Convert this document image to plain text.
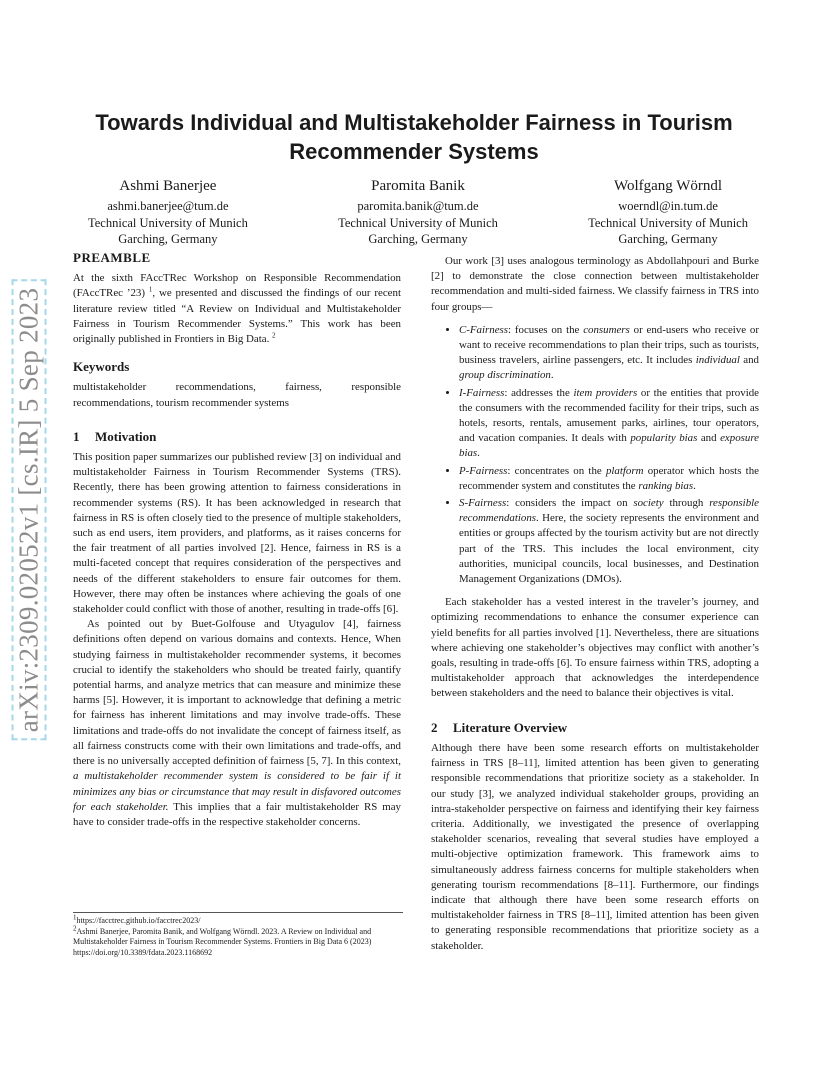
arXiv:2309.02052v1 [cs.IR] 5 Sep 2023
Towards Individual and Multistakeholder Fairness in Tourism Recommender Systems
Ashmi Banerjee
ashmi.banerjee@tum.de
Technical University of Munich
Garching, Germany
Paromita Banik
paromita.banik@tum.de
Technical University of Munich
Garching, Germany
Wolfgang Wörndl
woerndl@in.tum.de
Technical University of Munich
Garching, Germany
PREAMBLE

At the sixth FAccTRec Workshop on Responsible Recommendation (FAccTRec ’23) $^1$, we presented and discussed the findings of our recent literature review titled “A Review on Individual and Multistakeholder Fairness in Tourism Recommender Systems.” This work has been originally published in Frontiers in Big Data. $^2$

Keywords

multistakeholder recommendations, fairness, responsible recommendations, tourism recommender systems

1 Motivation

This position paper summarizes our published review [3] on individual and multistakeholder Fairness in Tourism Recommender Systems (TRS). Recently, there has been growing attention to fairness considerations in recommender systems (RS). It has been acknowledged in research that fairness in RS is often closely tied to the presence of multiple stakeholders, such as end users, item providers, and platforms, as it raises concerns for the fair treatment of all parties involved [2]. Hence, fairness in RS is a multi-faceted concept that requires consideration of the perspectives and needs of the different stakeholders to ensure fair outcomes for them. However, there may often be instances where achieving the goals of one stakeholder could conflict with those of another, resulting in trade-offs [6].

As pointed out by Buet-Golfouse and Utyagulov [4], fairness definitions often depend on various domains and contexts. Hence, When studying fairness in multistakeholder recommender systems, it becomes crucial to identify the stakeholders who should be treated fairly, quantify potential harms, and analyze metrics that can measure and minimize these harms [5]. However, it is important to acknowledge that defining a metric for fairness has inherent limitations and may involve trade-offs. These limitations and trade-offs do not invalidate the concept of fairness itself, as all fairness constructs come with their own limitations and trade-offs, and there is no universally accepted definition of fairness [5, 7]. In this context, a multistakeholder recommender system is considered to be fair if it minimizes any bias or circumstance that may result in disfavored outcomes for each stakeholder. This implies that a fair multistakeholder RS may have to consider trade-offs in the respective stakeholder concerns.

$^1$https://facctrec.github.io/facctrec2023/
$^2$Ashmi Banerjee, Paromita Banik, and Wolfgang Wörndl. 2023. A Review on Individual and Multistakeholder Fairness in Tourism Recommender Systems. Frontiers in Big Data 6 (2023) https://doi.org/10.3389/fdata.2023.1168692

Our work [3] uses analogous terminology as Abdollahpouri and Burke [2] to demonstrate the close connection between multistakeholder recommendation and multi-sided fairness. We classify fairness in TRS into four groups—

• C-Fairness: focuses on the consumers or end-users who receive or want to receive recommendations to plan their trips, such as tourists, business travelers, airline passengers, etc. It includes individual and group discrimination.
• I-Fairness: addresses the item providers or the entities that provide the consumers with the recommended facility for their trips, such as hotels, resorts, rentals, amusement parks, airlines, tour operators, and vacation companies. It deals with popularity bias and exposure bias.
• P-Fairness: concentrates on the platform operator which hosts the recommender system and constitutes the ranking bias.
• S-Fairness: considers the impact on society through responsible recommendations. Here, the society represents the environment and entities or groups affected by the tourism activity but are not directly part of the TRS. This includes the local environment, city authorities, municipal councils, local businesses, and Destination Management Organizations (DMOs).

Each stakeholder has a vested interest in the traveler’s journey, and optimizing recommendations to enhance the consumer experience can yield benefits for all parties involved [1]. Nevertheless, there are situations where achieving one stakeholder’s objectives may conflict with another’s goals, resulting in trade-offs [6]. To ensure fairness within TRS, adopting a multistakeholder approach that acknowledges the interdependence between stakeholders and the need to balance their objectives is vital.

2 Literature Overview

Although there have been some research efforts on multistakeholder fairness in TRS [8–11], limited attention has been given to generating responsible recommendations that prioritize society as a stakeholder. In our study [3], we analyzed individual stakeholder groups, providing an intra-stakeholder perspective on fairness and identifying their key fairness criteria. Additionally, we investigated the presence of overlapping stakeholder scenarios, revealing that several studies have employed a multi-objective optimization framework. This framework aims to simultaneously address fairness concerns for multiple stakeholders when generating tourism recommendations [8–11]. Furthermore, our findings indicate that although there have been some research efforts on multistakeholder fairness in TRS [8–11], limited attention has been given to generating responsible recommendations that prioritize society as a stakeholder.
